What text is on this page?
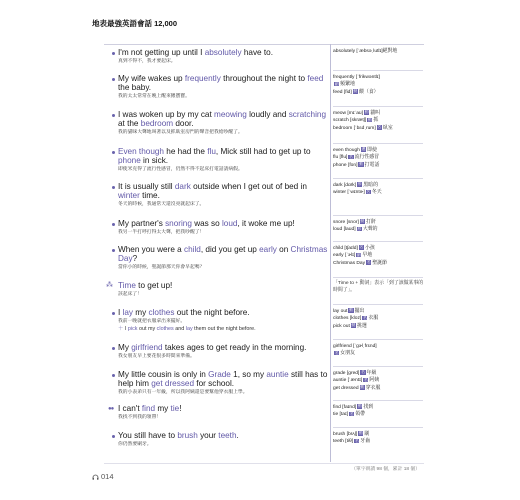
地表最強英語會話 12,000
I'm not getting up until I absolutely have to.
真到不得不，我才要起床。
absolutely [ˈæbsəˌlutlɪ]絕對地
My wife wakes up frequently throughout the night to feed the baby.
我的太太常常在晚上醒來餵寶寶。
frequently [ˈfrikwəntlɪ]
副 頻繁地
feed [fid] 動 餵（食）
I was woken up by my cat meowing loudly and scratching at the bedroom door.
我的貓咪大聲地叫著以及抓臥室房門的聲音把我給吵醒了。
meow [mɪˈaʊ] 動 貓叫
scratch [skrætʃ] 動 抓
bedroom [ˈbɛdˌrum] 名 臥室
Even though he had the flu, Mick still had to get up to phone in sick.
即使米克得了流行性感冒，仍然不得不起床打電話請病假。
even though 連 即使
flu [flu] 名 流行性感冒
phone [fon] 動 打電話
It is usually still dark outside when I get out of bed in winter time.
冬天的時候，我通常天還沒亮就起床了。
dark [dɑrk] 形 黑暗的
winter [ˈwɪntɚ] 名 冬天
My partner's snoring was so loud, it woke me up!
我另一半打呼打得太大聲，把我吵醒了！
snore [snor] 動 打鼾
loud [laʊd] 形 大聲的
When you were a child, did you get up early on Christmas Day?
當你小的時候，聖誕節那天你會早起嗎？
child [tʃaɪld] 名 小孩
early [ˈɝlɪ] 副 早地
Christmas Day 名 聖誕節
⁂ Time to get up!
該起床了！
「Time to + 動詞」表示「到了該做某事的時間了」。
I lay my clothes out the night before.
我前一晚就把衣服拿出來擺好。
＋ I pick out my clothes and lay them out the night before.
lay out 動 擺出
clothes [kloz] 名 衣服
pick out 動 挑選
My girlfriend takes ages to get ready in the morning.
我女朋友早上要花很多時間來準備。
girlfriend [ˈɡɝlˌfrɛnd]
名 女朋友
My little cousin is only in Grade 1, so my auntie still has to help him get dressed for school.
我的小表弟只有一年級，所以我阿姨還是要幫他穿衣服上學。
grade [ɡred] 名 年級
auntie [ˈæntɪ] 名 阿姨
get dressed 動 穿衣服
●● I can't find my tie!
我找不到我的領帶！
find [faɪnd] 動 找到
tie [taɪ] 名 領帶
You still have to brush your teeth.
你仍然要刷牙。
brush [brʌʃ] 動 刷
teeth [tiθ] 名 牙齒
（單字朗讀 98 個，累計 18 個）
014
